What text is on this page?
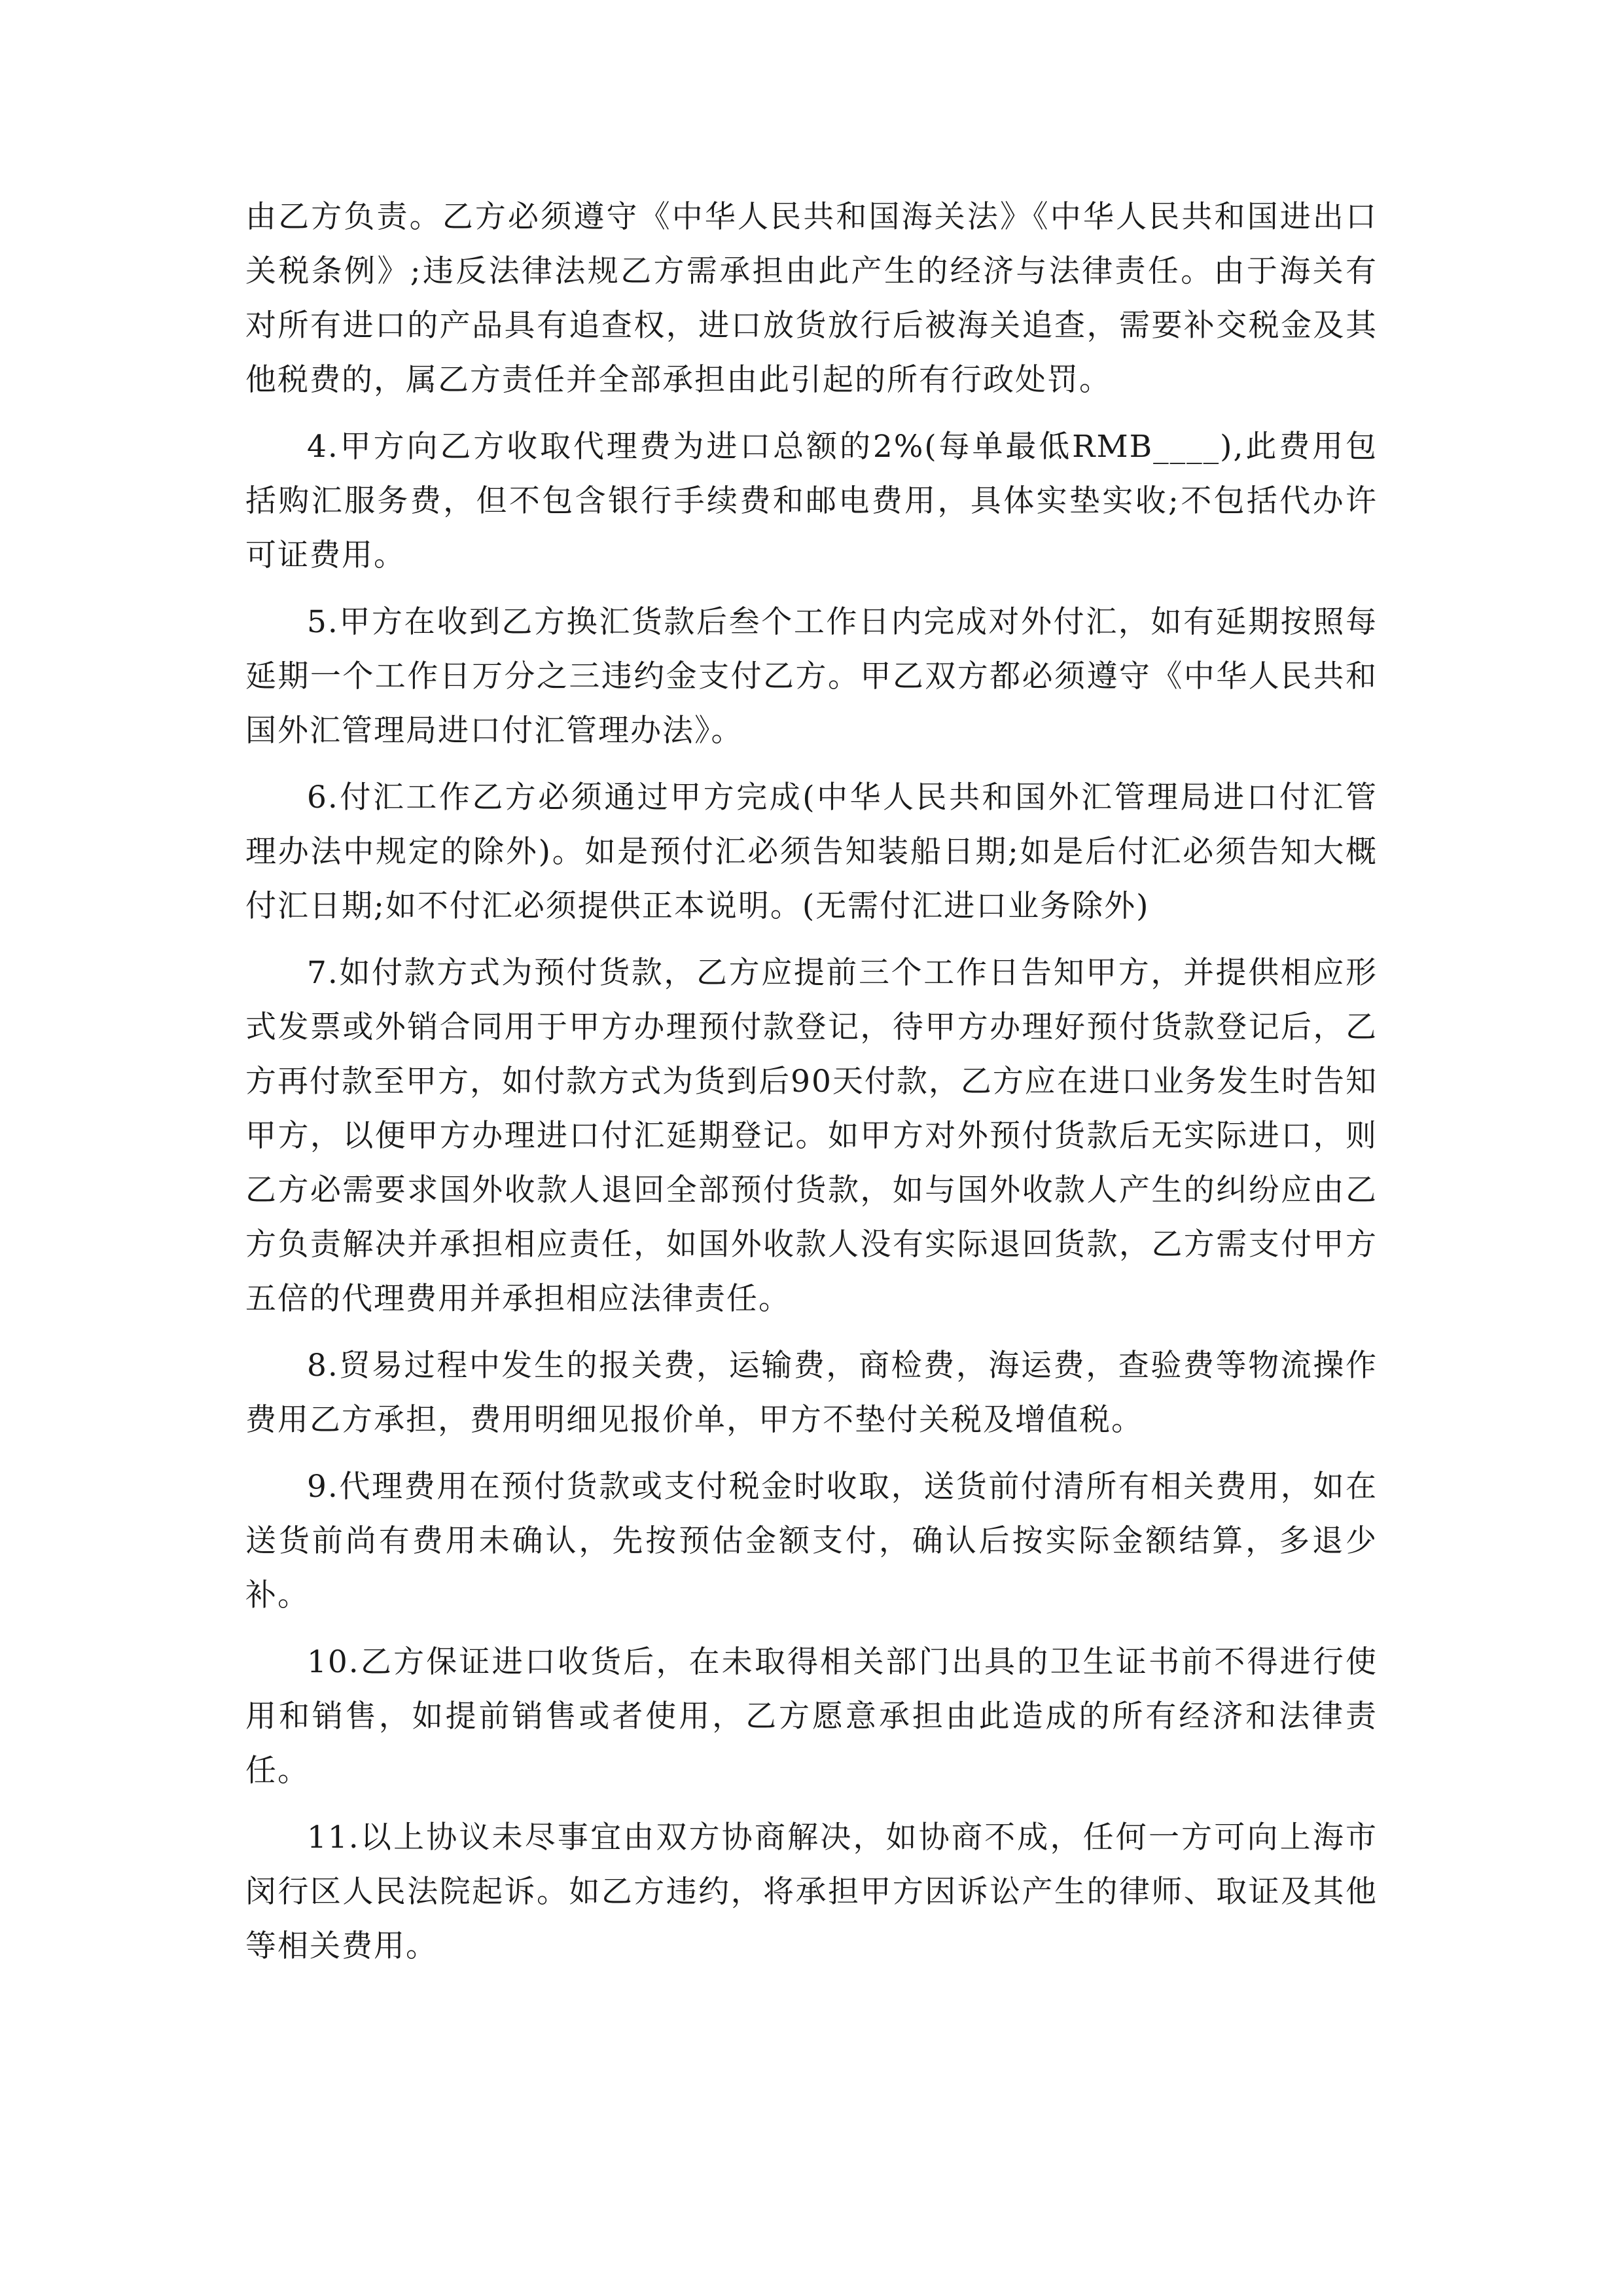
由乙方负责。乙方必须遵守《中华人民共和国海关法》《中华人民共和国进出口关税条例》;违反法律法规乙方需承担由此产生的经济与法律责任。由于海关有对所有进口的产品具有追查权，进口放货放行后被海关追查，需要补交税金及其他税费的，属乙方责任并全部承担由此引起的所有行政处罚。

4.甲方向乙方收取代理费为进口总额的2%(每单最低RMB____),此费用包括购汇服务费，但不包含银行手续费和邮电费用，具体实垫实收;不包括代办许可证费用。

5.甲方在收到乙方换汇货款后叁个工作日内完成对外付汇，如有延期按照每延期一个工作日万分之三违约金支付乙方。甲乙双方都必须遵守《中华人民共和国外汇管理局进口付汇管理办法》。

6.付汇工作乙方必须通过甲方完成(中华人民共和国外汇管理局进口付汇管理办法中规定的除外)。如是预付汇必须告知装船日期;如是后付汇必须告知大概付汇日期;如不付汇必须提供正本说明。(无需付汇进口业务除外)

7.如付款方式为预付货款，乙方应提前三个工作日告知甲方，并提供相应形式发票或外销合同用于甲方办理预付款登记，待甲方办理好预付货款登记后，乙方再付款至甲方，如付款方式为货到后90天付款，乙方应在进口业务发生时告知甲方，以便甲方办理进口付汇延期登记。如甲方对外预付货款后无实际进口，则乙方必需要求国外收款人退回全部预付货款，如与国外收款人产生的纠纷应由乙方负责解决并承担相应责任，如国外收款人没有实际退回货款，乙方需支付甲方五倍的代理费用并承担相应法律责任。

8.贸易过程中发生的报关费，运输费，商检费，海运费，查验费等物流操作费用乙方承担，费用明细见报价单，甲方不垫付关税及增值税。

9.代理费用在预付货款或支付税金时收取，送货前付清所有相关费用，如在送货前尚有费用未确认，先按预估金额支付，确认后按实际金额结算，多退少补。

10.乙方保证进口收货后，在未取得相关部门出具的卫生证书前不得进行使用和销售，如提前销售或者使用，乙方愿意承担由此造成的所有经济和法律责任。

11.以上协议未尽事宜由双方协商解决，如协商不成，任何一方可向上海市闵行区人民法院起诉。如乙方违约，将承担甲方因诉讼产生的律师、取证及其他等相关费用。
